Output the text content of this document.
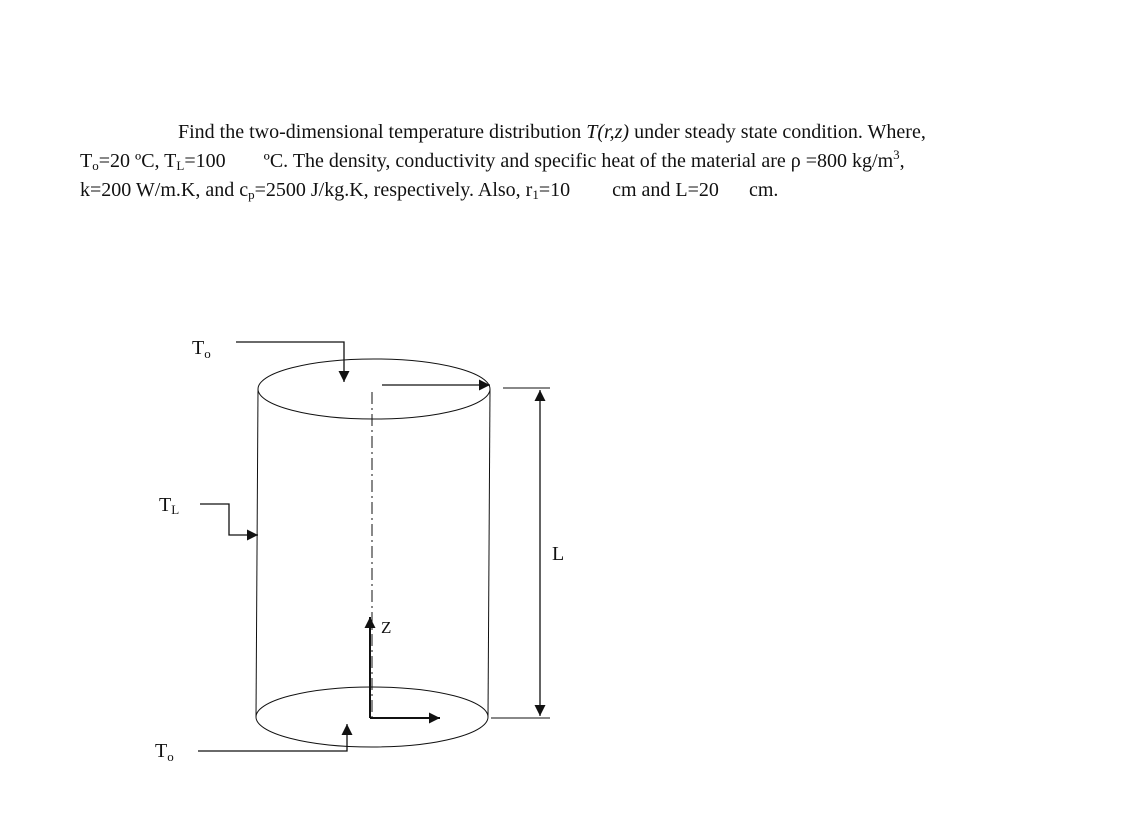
Find the two-dimensional temperature distribution T(r,z) under steady state condition. Where,
$T_o=20$ ºC, $T_L=100$ ºC. The density, conductivity and specific heat of the material are ρ =800 $kg/m^3$,
k=200 W/m.K, and $c_p=2500$ J/kg.K, respectively. Also, $r_1=10$ cm and L=20 cm.
Z
$T_o$
TL
$T_o$
L
